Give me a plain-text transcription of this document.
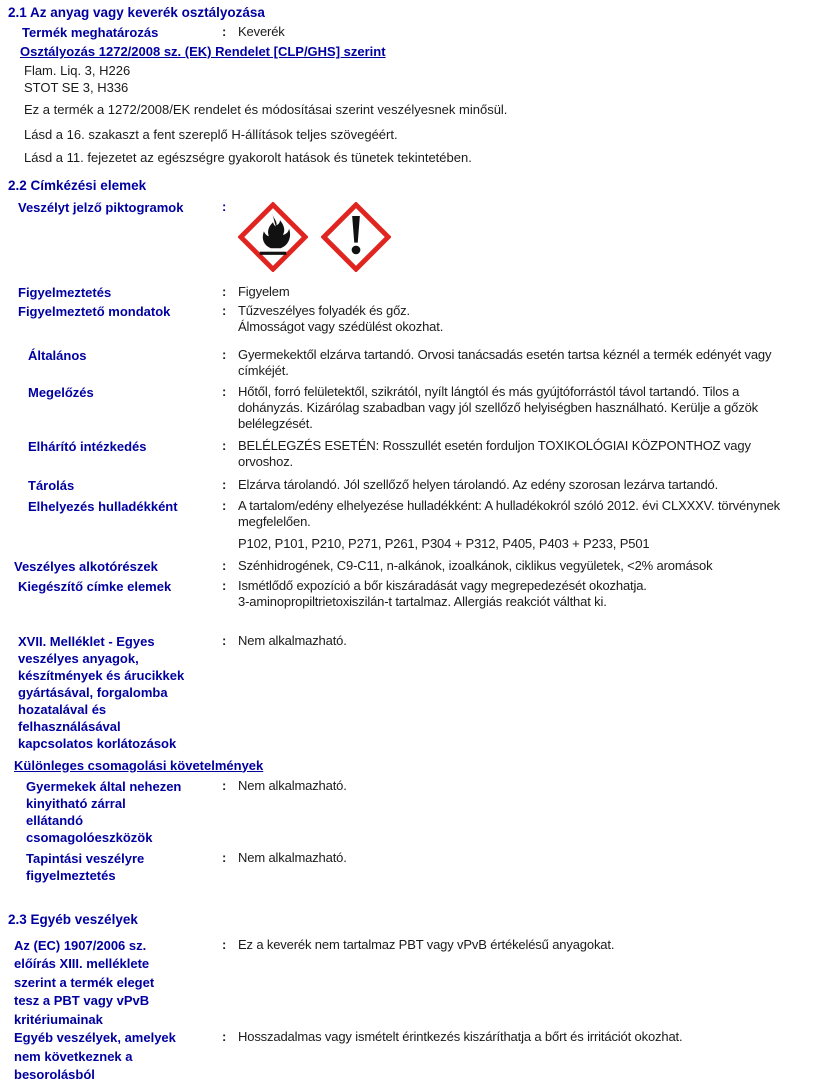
2.1 Az anyag vagy keverék osztályozása
Termék meghatározás	: Keverék
Osztályozás 1272/2008 sz. (EK) Rendelet [CLP/GHS] szerint
Flam. Liq. 3, H226
STOT SE 3, H336
Ez a termék a 1272/2008/EK rendelet és módosításai szerint veszélyesnek minősül.
Lásd a 16. szakaszt a fent szereplő H-állítások teljes szövegéért.
Lásd a 11. fejezetet az egészségre gyakorolt hatások és tünetek tekintetében.
2.2 Címkézési elemek
Veszélyt jelző piktogramok	:
Figyelmeztetés	: Figyelem
Figyelmeztető mondatok	: Tűzveszélyes folyadék és gőz.
Álmosságot vagy szédülést okozhat.
Általános	: Gyermekektől elzárva tartandó. Orvosi tanácsadás esetén tartsa kéznél a termék edényét vagy címkéjét.
Megelőzés	: Hőtől, forró felületektől, szikrától, nyílt lángtól és más gyújtóforrástól távol tartandó. Tilos a dohányzás. Kizárólag szabadban vagy jól szellőző helyiségben használható. Kerülje a gőzök belélegzését.
Elhárító intézkedés	: BELÉLEGZÉS ESETÉN: Rosszullét esetén forduljon TOXIKOLÓGIAI KÖZPONTHOZ vagy orvoshoz.
Tárolás	: Elzárva tárolandó. Jól szellőző helyen tárolandó. Az edény szorosan lezárva tartandó.
Elhelyezés hulladékként	: A tartalom/edény elhelyezése hulladékként: A hulladékokról szóló 2012. évi CLXXXV. törvénynek megfelelően.
P102, P101, P210, P271, P261, P304 + P312, P405, P403 + P233, P501
Veszélyes alkotórészek	: Szénhidrogének, C9-C11, n-alkánok, izoalkánok, ciklikus vegyületek, <2% aromások
Kiegészítő címke elemek	: Ismétlődő expozíció a bőr kiszáradását vagy megrepedezését okozhatja.
3-aminopropiltrietoxiszilán-t tartalmaz. Allergiás reakciót válthat ki.
XVII. Melléklet - Egyes
veszélyes anyagok,
készítmények és árucikkek
gyártásával, forgalomba
hozatalával és
felhasználásával
kapcsolatos korlátozások
: Nem alkalmazható.
Különleges csomagolási követelmények
Gyermekek által nehezen
kinyitható zárral
ellátandó
csomagolóeszközök
: Nem alkalmazható.
Tapintási veszélyre
figyelmeztetés
: Nem alkalmazható.
2.3 Egyéb veszélyek
Az (EC) 1907/2006 sz.
előírás XIII. melléklete
szerint a termék eleget
tesz a PBT vagy vPvB
kritériumainak
: Ez a keverék nem tartalmaz PBT vagy vPvB értékelésű anyagokat.
Egyéb veszélyek, amelyek
nem következnek a
besorolásból
: Hosszadalmas vagy ismételt érintkezés kiszáríthatja a bőrt és irritációt okozhat.
